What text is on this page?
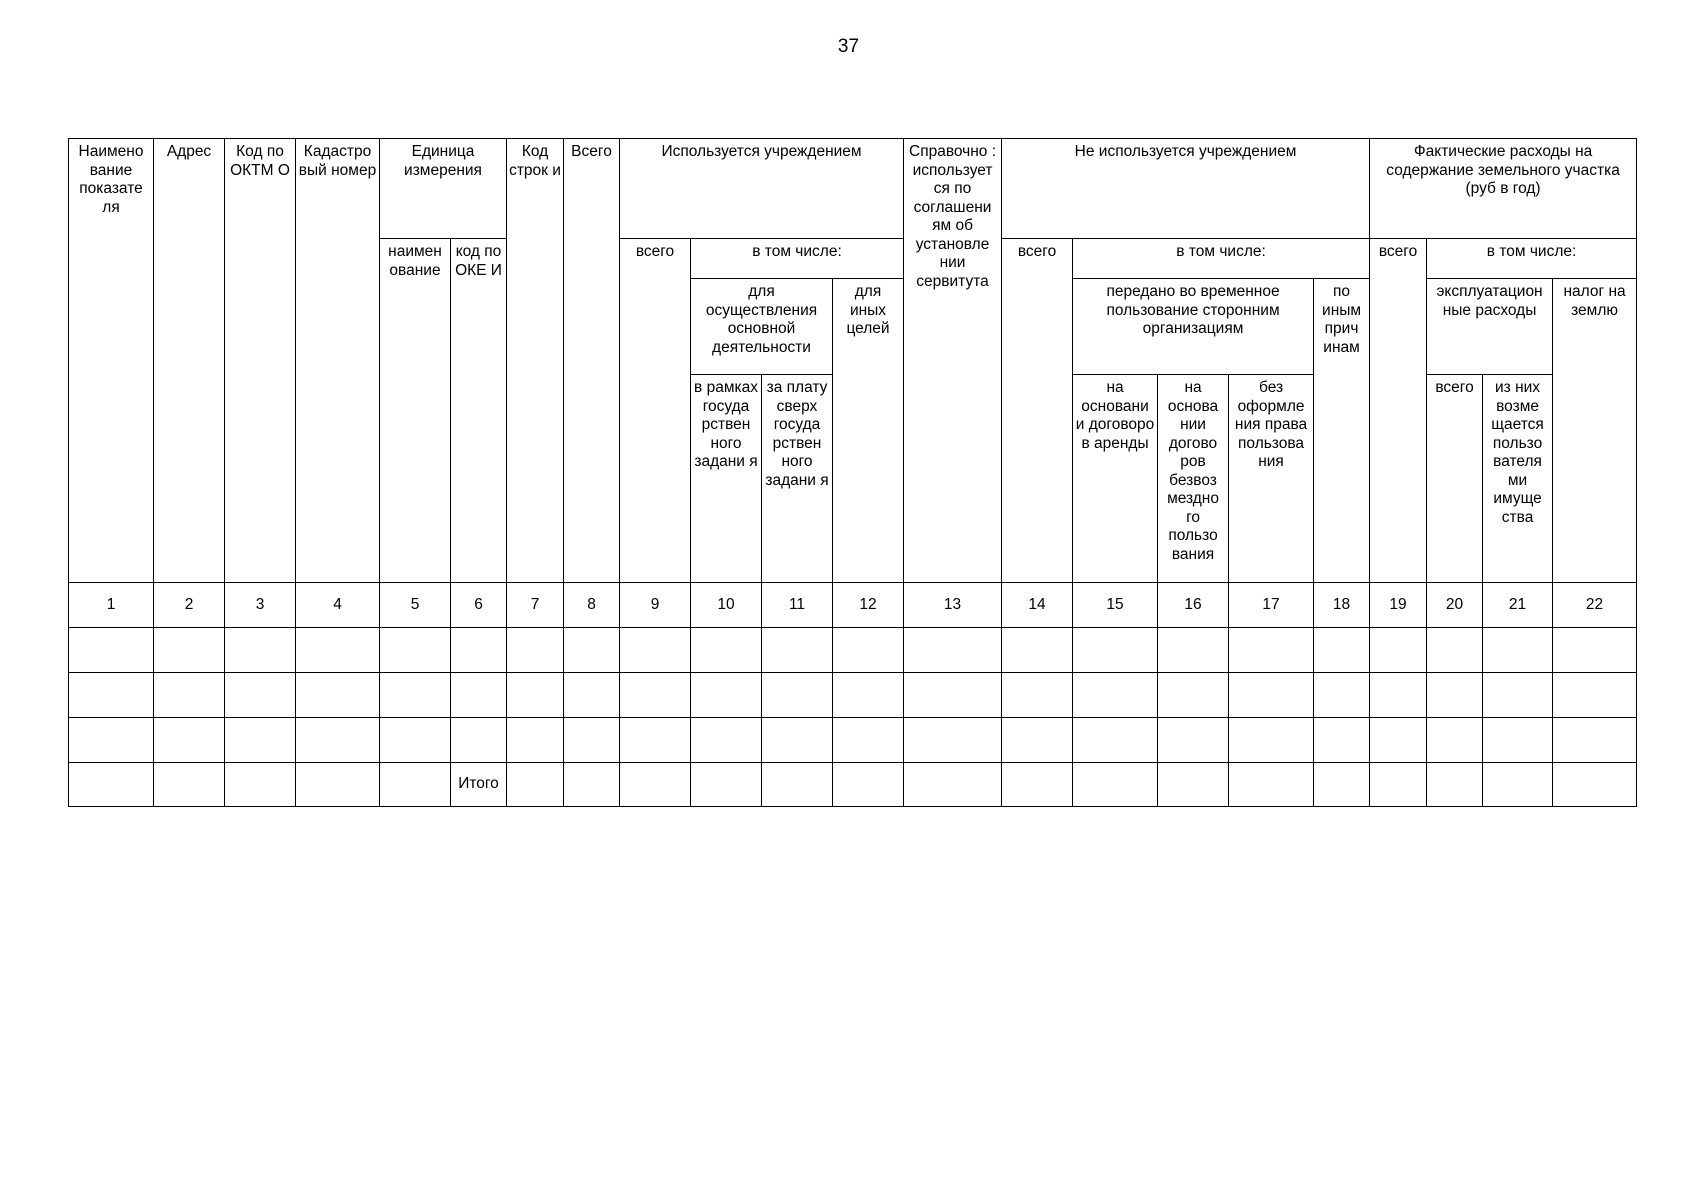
37
Наимено вание показате ля	Адрес	Код по ОКТМ О	Кадастро вый номер	Единица измерения		Код строк и	Всего	Используется учреждением				Справочно : использует ся по соглашени ям об установле нии сервитута	Не используется учреждением					Фактические расходы на содержание земельного участка (руб в год)			
				наимен ование	код по ОКЕ И			всего	в том числе:				всего	в том числе:				всего	в том числе:		
									для осуществления основной деятельности		для иных целей			передано во временное пользование сторонним организациям			по иным прич инам		эксплуатацион ные расходы		налог на землю
									в рамках госуда рствен ного задани я	за плату сверх госуда рствен ного задани я				на основани и договоро в аренды	на основа нии догово ров безвоз мездно го пользо вания	без оформле ния права пользова ния			всего	из них возме щается пользо вателя ми имуще ства	
1	2	3	4	5	6	7	8	9	10	11	12	13	14	15	16	17	18	19	20	21	22

					Итого																
